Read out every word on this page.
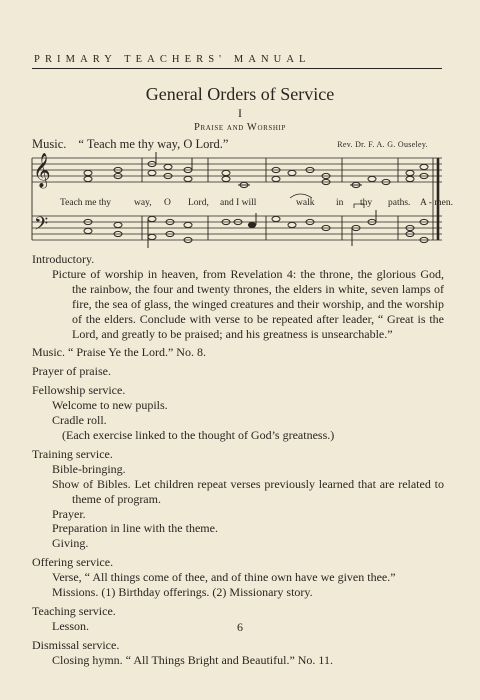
PRIMARY TEACHERS' MANUAL
General Orders of Service
I
Praise and Worship
Music. “ Teach me thy way, O Lord.”	Rev. Dr. F. A. G. Ouseley.
𝄞
𝄢
Teach me thy way, O Lord, and I will	walk in thy paths. A - men.

Introductory.

Picture of worship in heaven, from Revelation 4: the throne, the glorious God, the rainbow, the four and twenty thrones, the elders in white, seven lamps of fire, the sea of glass, the winged creatures and their worship, and the worship of the elders. Conclude with verse to be repeated after leader, “ Great is the Lord, and greatly to be praised; and his greatness is unsearchable.”

Music. “ Praise Ye the Lord.” No. 8.

Prayer of praise.

Fellowship service.

Welcome to new pupils.

Cradle roll.

(Each exercise linked to the thought of God’s greatness.)

Training service.

Bible-bringing.

Show of Bibles. Let children repeat verses previously learned that are related to theme of program.

Prayer.

Preparation in line with the theme.

Giving.

Offering service.

Verse, “ All things come of thee, and of thine own have we given thee.”

Missions. (1) Birthday offerings. (2) Missionary story.

Teaching service.

Lesson.

Dismissal service.

Closing hymn. “ All Things Bright and Beautiful.” No. 11.

6
